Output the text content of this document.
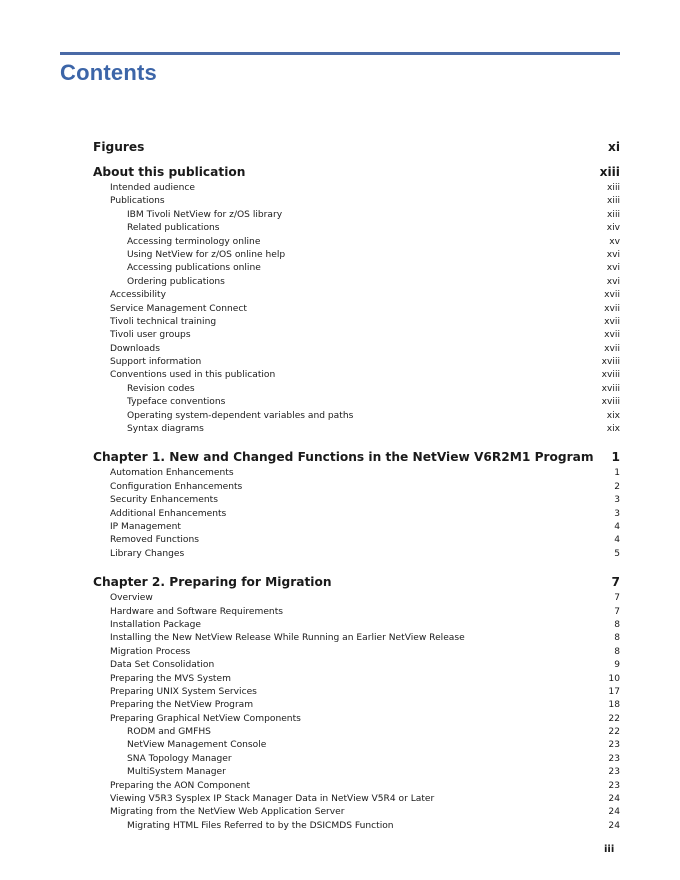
Contents
Figures	xi
About this publication	xiii
Intended audience	xiii
Publications	xiii
IBM Tivoli NetView for z/OS library	xiii
Related publications	xiv
Accessing terminology online	xv
Using NetView for z/OS online help	xvi
Accessing publications online	xvi
Ordering publications	xvi
Accessibility	xvii
Service Management Connect	xvii
Tivoli technical training	xvii
Tivoli user groups	xvii
Downloads	xvii
Support information	xviii
Conventions used in this publication	xviii
Revision codes	xviii
Typeface conventions	xviii
Operating system-dependent variables and paths	xix
Syntax diagrams	xix
Chapter 1. New and Changed Functions in the NetView V6R2M1 Program 1
Automation Enhancements	1
Configuration Enhancements	2
Security Enhancements	3
Additional Enhancements	3
IP Management	4
Removed Functions	4
Library Changes	5
Chapter 2. Preparing for Migration	7
Overview	7
Hardware and Software Requirements	7
Installation Package	8
Installing the New NetView Release While Running an Earlier NetView Release	8
Migration Process	8
Data Set Consolidation	9
Preparing the MVS System	10
Preparing UNIX System Services	17
Preparing the NetView Program	18
Preparing Graphical NetView Components	22
RODM and GMFHS	22
NetView Management Console	23
SNA Topology Manager	23
MultiSystem Manager	23
Preparing the AON Component	23
Viewing V5R3 Sysplex IP Stack Manager Data in NetView V5R4 or Later	24
Migrating from the NetView Web Application Server	24
Migrating HTML Files Referred to by the DSICMDS Function	24
iii
